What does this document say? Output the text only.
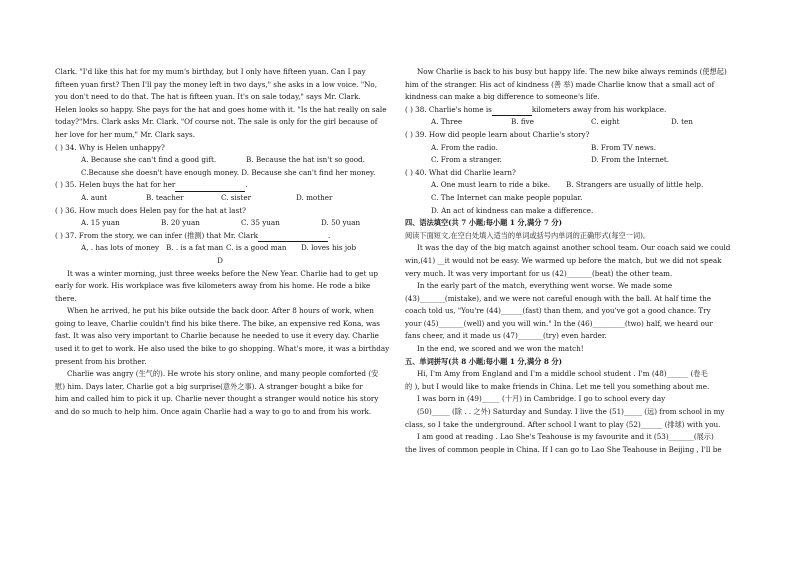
Clark. "I'd like this hat for my mum's birthday, but I only have fifteen yuan. Can I pay

fifteen yuan first? Then I'll pay the money left in two days," she asks in a low voice. "No,

you don't need to do that. The hat is fifteen yuan. It's on sale today," says Mr. Clark.

Helen looks so happy. She pays for the hat and goes home with it. "Is the hat really on sale

today?"Mrs. Clark asks Mr. Clark. "Of course not. The sale is only for the girl because of

her love for her mum," Mr. Clark says.

( ) 34. Why is Helen unhappy?

A. Because she can't find a good gift.	B. Because the hat isn't so good.
C.Because she doesn't have enough money. D. Because she can't find her money.

( ) 35. Helen buys the hat for her	.

A. aunt	B. teacher	C. sister	D. mother

( ) 36. How much does Helen pay for the hat at last?

A. 15 yuan	B. 20 yuan	C. 35 yuan	D. 50 yuan

( ) 37. From the story, we can infer (推测) that Mr. Clark	.

A, . has lots of money B. . is a fat man C. is a good man D. loves his job

D

It was a winter morning, just three weeks before the New Year. Charlie had to get up

early for work. His workplace was five kilometers away from his home. He rode a bike

there.

When he arrived, he put his bike outside the back door. After 8 hours of work, when

going to leave, Charlie couldn't find his bike there. The bike, an expensive red Kona, was

fast. It was also very important to Charlie because he needed to use it every day. Charlie

used it to get to work. He also used the bike to go shopping. What's more, it was a birthday

present from his brother.

Charlie was angry (生气的). He wrote his story online, and many people comforted (安

慰) him. Days later, Charlie got a big surprise(意外之事). A stranger bought a bike for

him and called him to pick it up. Charlie never thought a stranger would notice his story

and do so much to help him. Once again Charlie had a way to go to and from his work.

Now Charlie is back to his busy but happy life. The new bike always reminds (使想起)

him of the stranger. His act of kindness (善 举) made Charlie know that a small act of

kindness can make a big difference to someone's life.

( ) 38. Charlie's home is	kilometers away from his workplace.

A. Three	B. five	C. eight	D. ten

( ) 39. How did people learn about Charlie's story?

A. From the radio.	B. From TV news.
C. From a stranger.	D. From the Internet.

( ) 40. What did Charlie learn?

A. One must learn to ride a bike. B. Strangers are usually of little help.
C. The Internet can make people popular.
D. An act of kindness can make a difference.

四、语法填空(共 7 小题;每小题 1 分,满分 7 分)

阅读下面短文,在空白处填入适当的单词或括号内单词的正确形式(每空一词)。

It was the day of the big match against another school team. Our coach said we could

win,(41) __it would not be easy. We warmed up before the match, but we did not speak

very much. It was very important for us (42)_______(beat) the other team.

In the early part of the match, everything went worse. We made some

(43)_______(mistake), and we were not careful enough with the ball. At half time the

coach told us, "You're (44)______(fast) than them, and you've got a good chance. Try

your (45)_______(well) and you will win." In the (46)_________(two) half, we heard our

fans cheer, and it made us (47)_______(try) even harder.

In the end, we scored and we won the match!

五、单词拼写(共 8 小题;每小题 1 分,满分 8 分)

Hi, I'm Amy from England and I'm a middle school student . I'm (48)______ (卷毛

的 ), but I would like to make friends in China. Let me tell you something about me.

I was born in (49)_____ (十月) in Cambridge. I go to school every day

(50)_____ (除 . . 之外) Saturday and Sunday. I live the (51)_____ (远) from school in my

class, so I take the underground. After school I want to play (52)______ (排球) with you.

I am good at reading . Lao She's Teahouse is my favourite and it (53)_______(展示)

the lives of common people in China. If I can go to Lao She Teahouse in Beijing , I'll be
